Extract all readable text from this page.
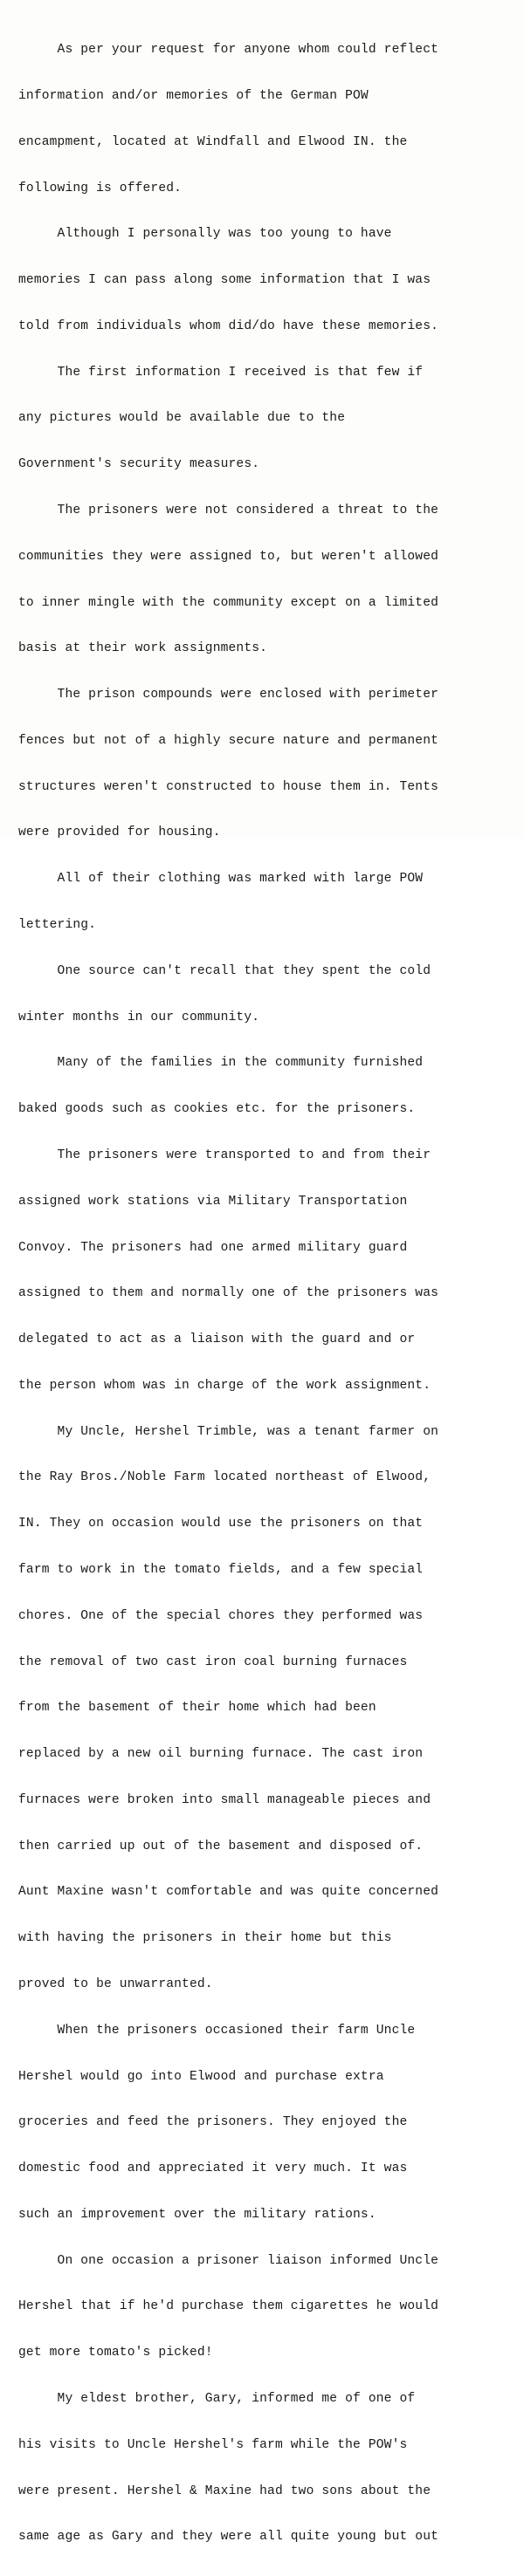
As per your request for anyone whom could reflect

information and/or memories of the German POW

encampment, located at Windfall and Elwood IN. the

following is offered.

Although I personally was too young to have

memories I can pass along some information that I was

told from individuals whom did/do have these memories.

The first information I received is that few if

any pictures would be available due to the

Government's security measures.

The prisoners were not considered a threat to the

communities they were assigned to, but weren't allowed

to inner mingle with the community except on a limited

basis at their work assignments.

The prison compounds were enclosed with perimeter

fences but not of a highly secure nature and permanent

structures weren't constructed to house them in. Tents

were provided for housing.

All of their clothing was marked with large POW

lettering.

One source can't recall that they spent the cold

winter months in our community.

Many of the families in the community furnished

baked goods such as cookies etc. for the prisoners.

The prisoners were transported to and from their

assigned work stations via Military Transportation

Convoy. The prisoners had one armed military guard

assigned to them and normally one of the prisoners was

delegated to act as a liaison with the guard and or

the person whom was in charge of the work assignment.

My Uncle, Hershel Trimble, was a tenant farmer on

the Ray Bros./Noble Farm located northeast of Elwood,

IN. They on occasion would use the prisoners on that

farm to work in the tomato fields, and a few special

chores. One of the special chores they performed was

the removal of two cast iron coal burning furnaces

from the basement of their home which had been

replaced by a new oil burning furnace. The cast iron

furnaces were broken into small manageable pieces and

then carried up out of the basement and disposed of.

Aunt Maxine wasn't comfortable and was quite concerned

with having the prisoners in their home but this

proved to be unwarranted.

When the prisoners occasioned their farm Uncle

Hershel would go into Elwood and purchase extra

groceries and feed the prisoners. They enjoyed the

domestic food and appreciated it very much. It was

such an improvement over the military rations.

On one occasion a prisoner liaison informed Uncle

Hershel that if he'd purchase them cigarettes he would

get more tomato's picked!

My eldest brother, Gary, informed me of one of

his visits to Uncle Hershel's farm while the POW's

were present. Hershel & Maxine had two sons about the

same age as Gary and they were all quite young but out
